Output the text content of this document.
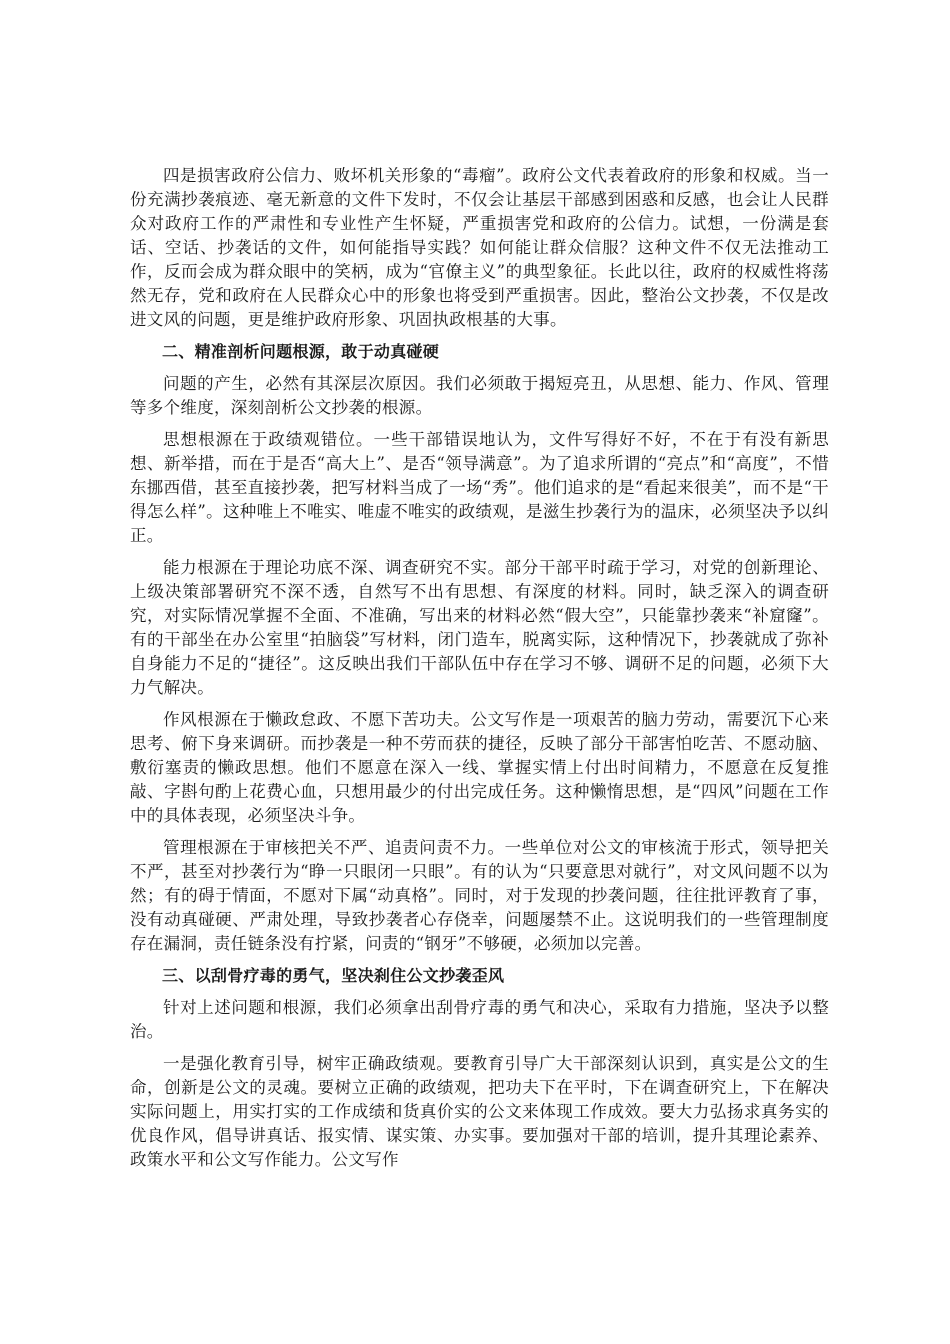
四是损害政府公信力、败坏机关形象的“毒瘤”。政府公文代表着政府的形象和权威。当一份充满抄袭痕迹、毫无新意的文件下发时，不仅会让基层干部感到困惑和反感，也会让人民群众对政府工作的严肃性和专业性产生怀疑，严重损害党和政府的公信力。试想，一份满是套话、空话、抄袭话的文件，如何能指导实践？如何能让群众信服？这种文件不仅无法推动工作，反而会成为群众眼中的笑柄，成为“官僚主义”的典型象征。长此以往，政府的权威性将荡然无存，党和政府在人民群众心中的形象也将受到严重损害。因此，整治公文抄袭，不仅是改进文风的问题，更是维护政府形象、巩固执政根基的大事。

二、精准剖析问题根源，敢于动真碰硬

问题的产生，必然有其深层次原因。我们必须敢于揭短亮丑，从思想、能力、作风、管理等多个维度，深刻剖析公文抄袭的根源。

思想根源在于政绩观错位。一些干部错误地认为，文件写得好不好，不在于有没有新思想、新举措，而在于是否“高大上”、是否“领导满意”。为了追求所谓的“亮点”和“高度”，不惜东挪西借，甚至直接抄袭，把写材料当成了一场“秀”。他们追求的是“看起来很美”，而不是“干得怎么样”。这种唯上不唯实、唯虚不唯实的政绩观，是滋生抄袭行为的温床，必须坚决予以纠正。

能力根源在于理论功底不深、调查研究不实。部分干部平时疏于学习，对党的创新理论、上级决策部署研究不深不透，自然写不出有思想、有深度的材料。同时，缺乏深入的调查研究，对实际情况掌握不全面、不准确，写出来的材料必然“假大空”，只能靠抄袭来“补窟窿”。有的干部坐在办公室里“拍脑袋”写材料，闭门造车，脱离实际，这种情况下，抄袭就成了弥补自身能力不足的“捷径”。这反映出我们干部队伍中存在学习不够、调研不足的问题，必须下大力气解决。

作风根源在于懒政怠政、不愿下苦功夫。公文写作是一项艰苦的脑力劳动，需要沉下心来思考、俯下身来调研。而抄袭是一种不劳而获的捷径，反映了部分干部害怕吃苦、不愿动脑、敷衍塞责的懒政思想。他们不愿意在深入一线、掌握实情上付出时间精力，不愿意在反复推敲、字斟句酌上花费心血，只想用最少的付出完成任务。这种懒惰思想，是“四风”问题在工作中的具体表现，必须坚决斗争。

管理根源在于审核把关不严、追责问责不力。一些单位对公文的审核流于形式，领导把关不严，甚至对抄袭行为“睁一只眼闭一只眼”。有的认为“只要意思对就行”，对文风问题不以为然；有的碍于情面，不愿对下属“动真格”。同时，对于发现的抄袭问题，往往批评教育了事，没有动真碰硬、严肃处理，导致抄袭者心存侥幸，问题屡禁不止。这说明我们的一些管理制度存在漏洞，责任链条没有拧紧，问责的“钢牙”不够硬，必须加以完善。

三、以刮骨疗毒的勇气，坚决刹住公文抄袭歪风

针对上述问题和根源，我们必须拿出刮骨疗毒的勇气和决心，采取有力措施，坚决予以整治。

一是强化教育引导，树牢正确政绩观。要教育引导广大干部深刻认识到，真实是公文的生命，创新是公文的灵魂。要树立正确的政绩观，把功夫下在平时，下在调查研究上，下在解决实际问题上，用实打实的工作成绩和货真价实的公文来体现工作成效。要大力弘扬求真务实的优良作风，倡导讲真话、报实情、谋实策、办实事。要加强对干部的培训，提升其理论素养、政策水平和公文写作能力。公文写作
